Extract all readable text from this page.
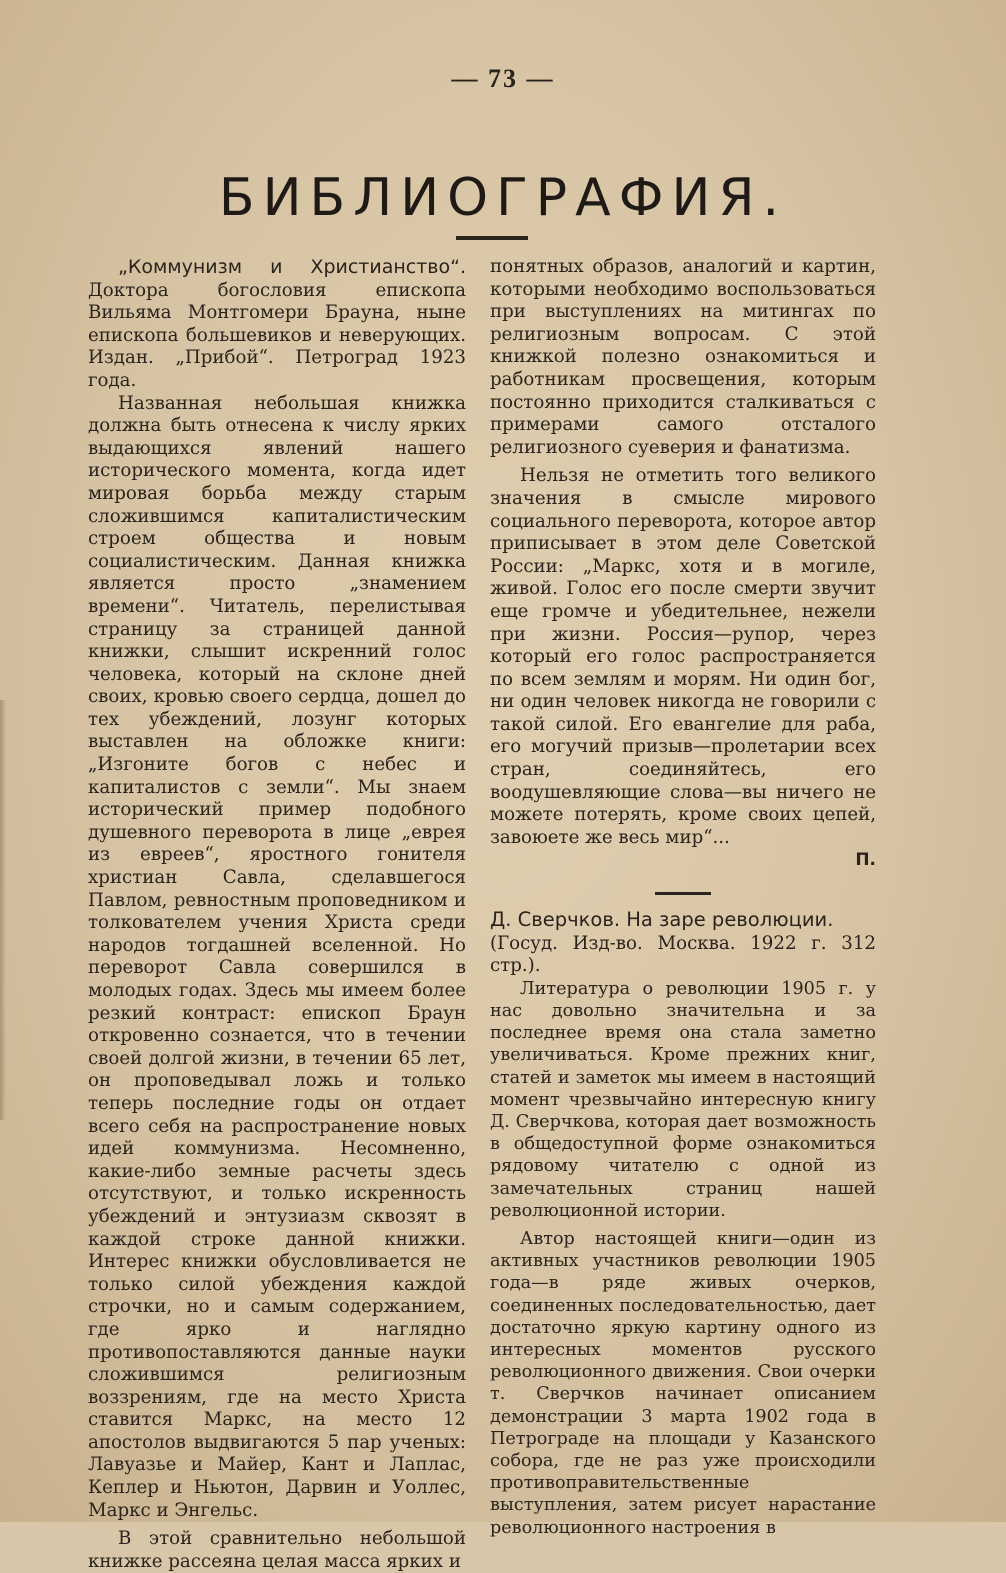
— 73 —
БИБЛИОГРАФИЯ.

„Коммунизм и Христианство“. Доктора богословия епископа Вильяма Монтгомери Брауна, ныне епископа большевиков и неверующих. Издан. „Прибой“. Петроград 1923 года.

Названная небольшая книжка должна быть отнесена к числу ярких выдающихся явлений нашего исторического момента, когда идет мировая борьба между старым сложившимся капиталистическим строем общества и новым социалистическим. Данная книжка является просто „знамением времени“. Читатель, перелистывая страницу за страницей данной книжки, слышит искренний голос человека, который на склоне дней своих, кровью своего сердца, дошел до тех убеждений, лозунг которых выставлен на обложке книги: „Изгоните богов с небес и капиталистов с земли“. Мы знаем исторический пример подобного душевного переворота в лице „еврея из евреев“, яростного гонителя христиан Савла, сделавшегося Павлом, ревностным проповедником и толкователем учения Христа среди народов тогдашней вселенной. Но переворот Савла совершился в молодых годах. Здесь мы имеем более резкий контраст: епископ Браун откровенно сознается, что в течении своей долгой жизни, в течении 65 лет, он проповедывал ложь и только теперь последние годы он отдает всего себя на распространение новых идей коммунизма. Несомненно, какие-либо земные расчеты здесь отсутствуют, и только искренность убеждений и энтузиазм сквозят в каждой строке данной книжки. Интерес книжки обусловливается не только силой убеждения каждой строчки, но и самым содержанием, где ярко и наглядно противопоставляются данные науки сложившимся религиозным воззрениям, где на место Христа ставится Маркс, на место 12 апостолов выдвигаются 5 пар ученых: Лавуазье и Майер, Кант и Лаплас, Кеплер и Ньютон, Дарвин и Уоллес, Маркс и Энгельс.

В этой сравнительно небольшой книжке рассеяна целая масса ярких и

понятных образов, аналогий и картин, которыми необходимо воспользоваться при выступлениях на митингах по религиозным вопросам. С этой книжкой полезно ознакомиться и работникам просвещения, которым постоянно приходится сталкиваться с примерами самого отсталого религиозного суеверия и фанатизма.

Нельзя не отметить того великого значения в смысле мирового социального переворота, которое автор приписывает в этом деле Советской России: „Маркс, хотя и в могиле, живой. Голос его после смерти звучит еще громче и убедительнее, нежели при жизни. Россия—рупор, через который его голос распространяется по всем землям и морям. Ни один бог, ни один человек никогда не говорили с такой силой. Его евангелие для раба, его могучий призыв—пролетарии всех стран, соединяйтесь, его воодушевляющие слова—вы ничего не можете потерять, кроме своих цепей, завоюете же весь мир“...

П.

Д. Сверчков. На заре революции.

(Госуд. Изд-во. Москва. 1922 г. 312 стр.).

Литература о революции 1905 г. у нас довольно значительна и за последнее время она стала заметно увеличиваться. Кроме прежних книг, статей и заметок мы имеем в настоящий момент чрезвычайно интересную книгу Д. Сверчкова, которая дает возможность в общедоступной форме ознакомиться рядовому читателю с одной из замечательных страниц нашей революционной истории.

Автор настоящей книги—один из активных участников революции 1905 года—в ряде живых очерков, соединенных последовательностью, дает достаточно яркую картину одного из интересных моментов русского революционного движения. Свои очерки т. Сверчков начинает описанием демонстрации 3 марта 1902 года в Петрограде на площади у Казанского собора, где не раз уже происходили противоправительственные выступления, затем рисует нарастание революционного настроения в
